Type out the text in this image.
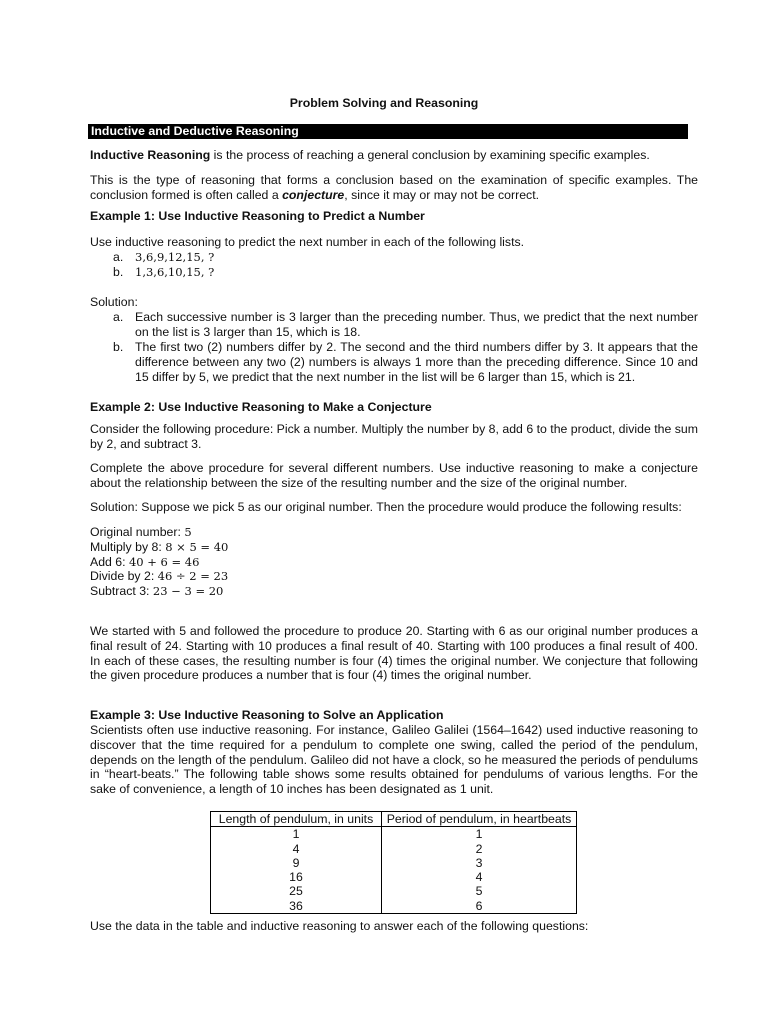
Problem Solving and Reasoning
Inductive and Deductive Reasoning
Inductive Reasoning is the process of reaching a general conclusion by examining specific examples.
This is the type of reasoning that forms a conclusion based on the examination of specific examples. The conclusion formed is often called a conjecture, since it may or may not be correct.
Example 1: Use Inductive Reasoning to Predict a Number
Use inductive reasoning to predict the next number in each of the following lists.
a. 3,6,9,12,15, ?
b. 1,3,6,10,15, ?
Solution:
a. Each successive number is 3 larger than the preceding number. Thus, we predict that the next number on the list is 3 larger than 15, which is 18.
b. The first two (2) numbers differ by 2. The second and the third numbers differ by 3. It appears that the difference between any two (2) numbers is always 1 more than the preceding difference. Since 10 and 15 differ by 5, we predict that the next number in the list will be 6 larger than 15, which is 21.
Example 2: Use Inductive Reasoning to Make a Conjecture
Consider the following procedure: Pick a number. Multiply the number by 8, add 6 to the product, divide the sum by 2, and subtract 3.
Complete the above procedure for several different numbers. Use inductive reasoning to make a conjecture about the relationship between the size of the resulting number and the size of the original number.
Solution: Suppose we pick 5 as our original number. Then the procedure would produce the following results:
Original number: 5
Multiply by 8: 8 × 5 = 40
Add 6: 40 + 6 = 46
Divide by 2: 46 ÷ 2 = 23
Subtract 3: 23 − 3 = 20
We started with 5 and followed the procedure to produce 20. Starting with 6 as our original number produces a final result of 24. Starting with 10 produces a final result of 40. Starting with 100 produces a final result of 400. In each of these cases, the resulting number is four (4) times the original number. We conjecture that following the given procedure produces a number that is four (4) times the original number.
Example 3: Use Inductive Reasoning to Solve an Application
Scientists often use inductive reasoning. For instance, Galileo Galilei (1564–1642) used inductive reasoning to discover that the time required for a pendulum to complete one swing, called the period of the pendulum, depends on the length of the pendulum. Galileo did not have a clock, so he measured the periods of pendulums in “heart-beats.” The following table shows some results obtained for pendulums of various lengths. For the sake of convenience, a length of 10 inches has been designated as 1 unit.
Length of pendulum, in units	Period of pendulum, in heartbeats
1	1
4	2
9	3
16	4
25	5
36	6
Use the data in the table and inductive reasoning to answer each of the following questions:
